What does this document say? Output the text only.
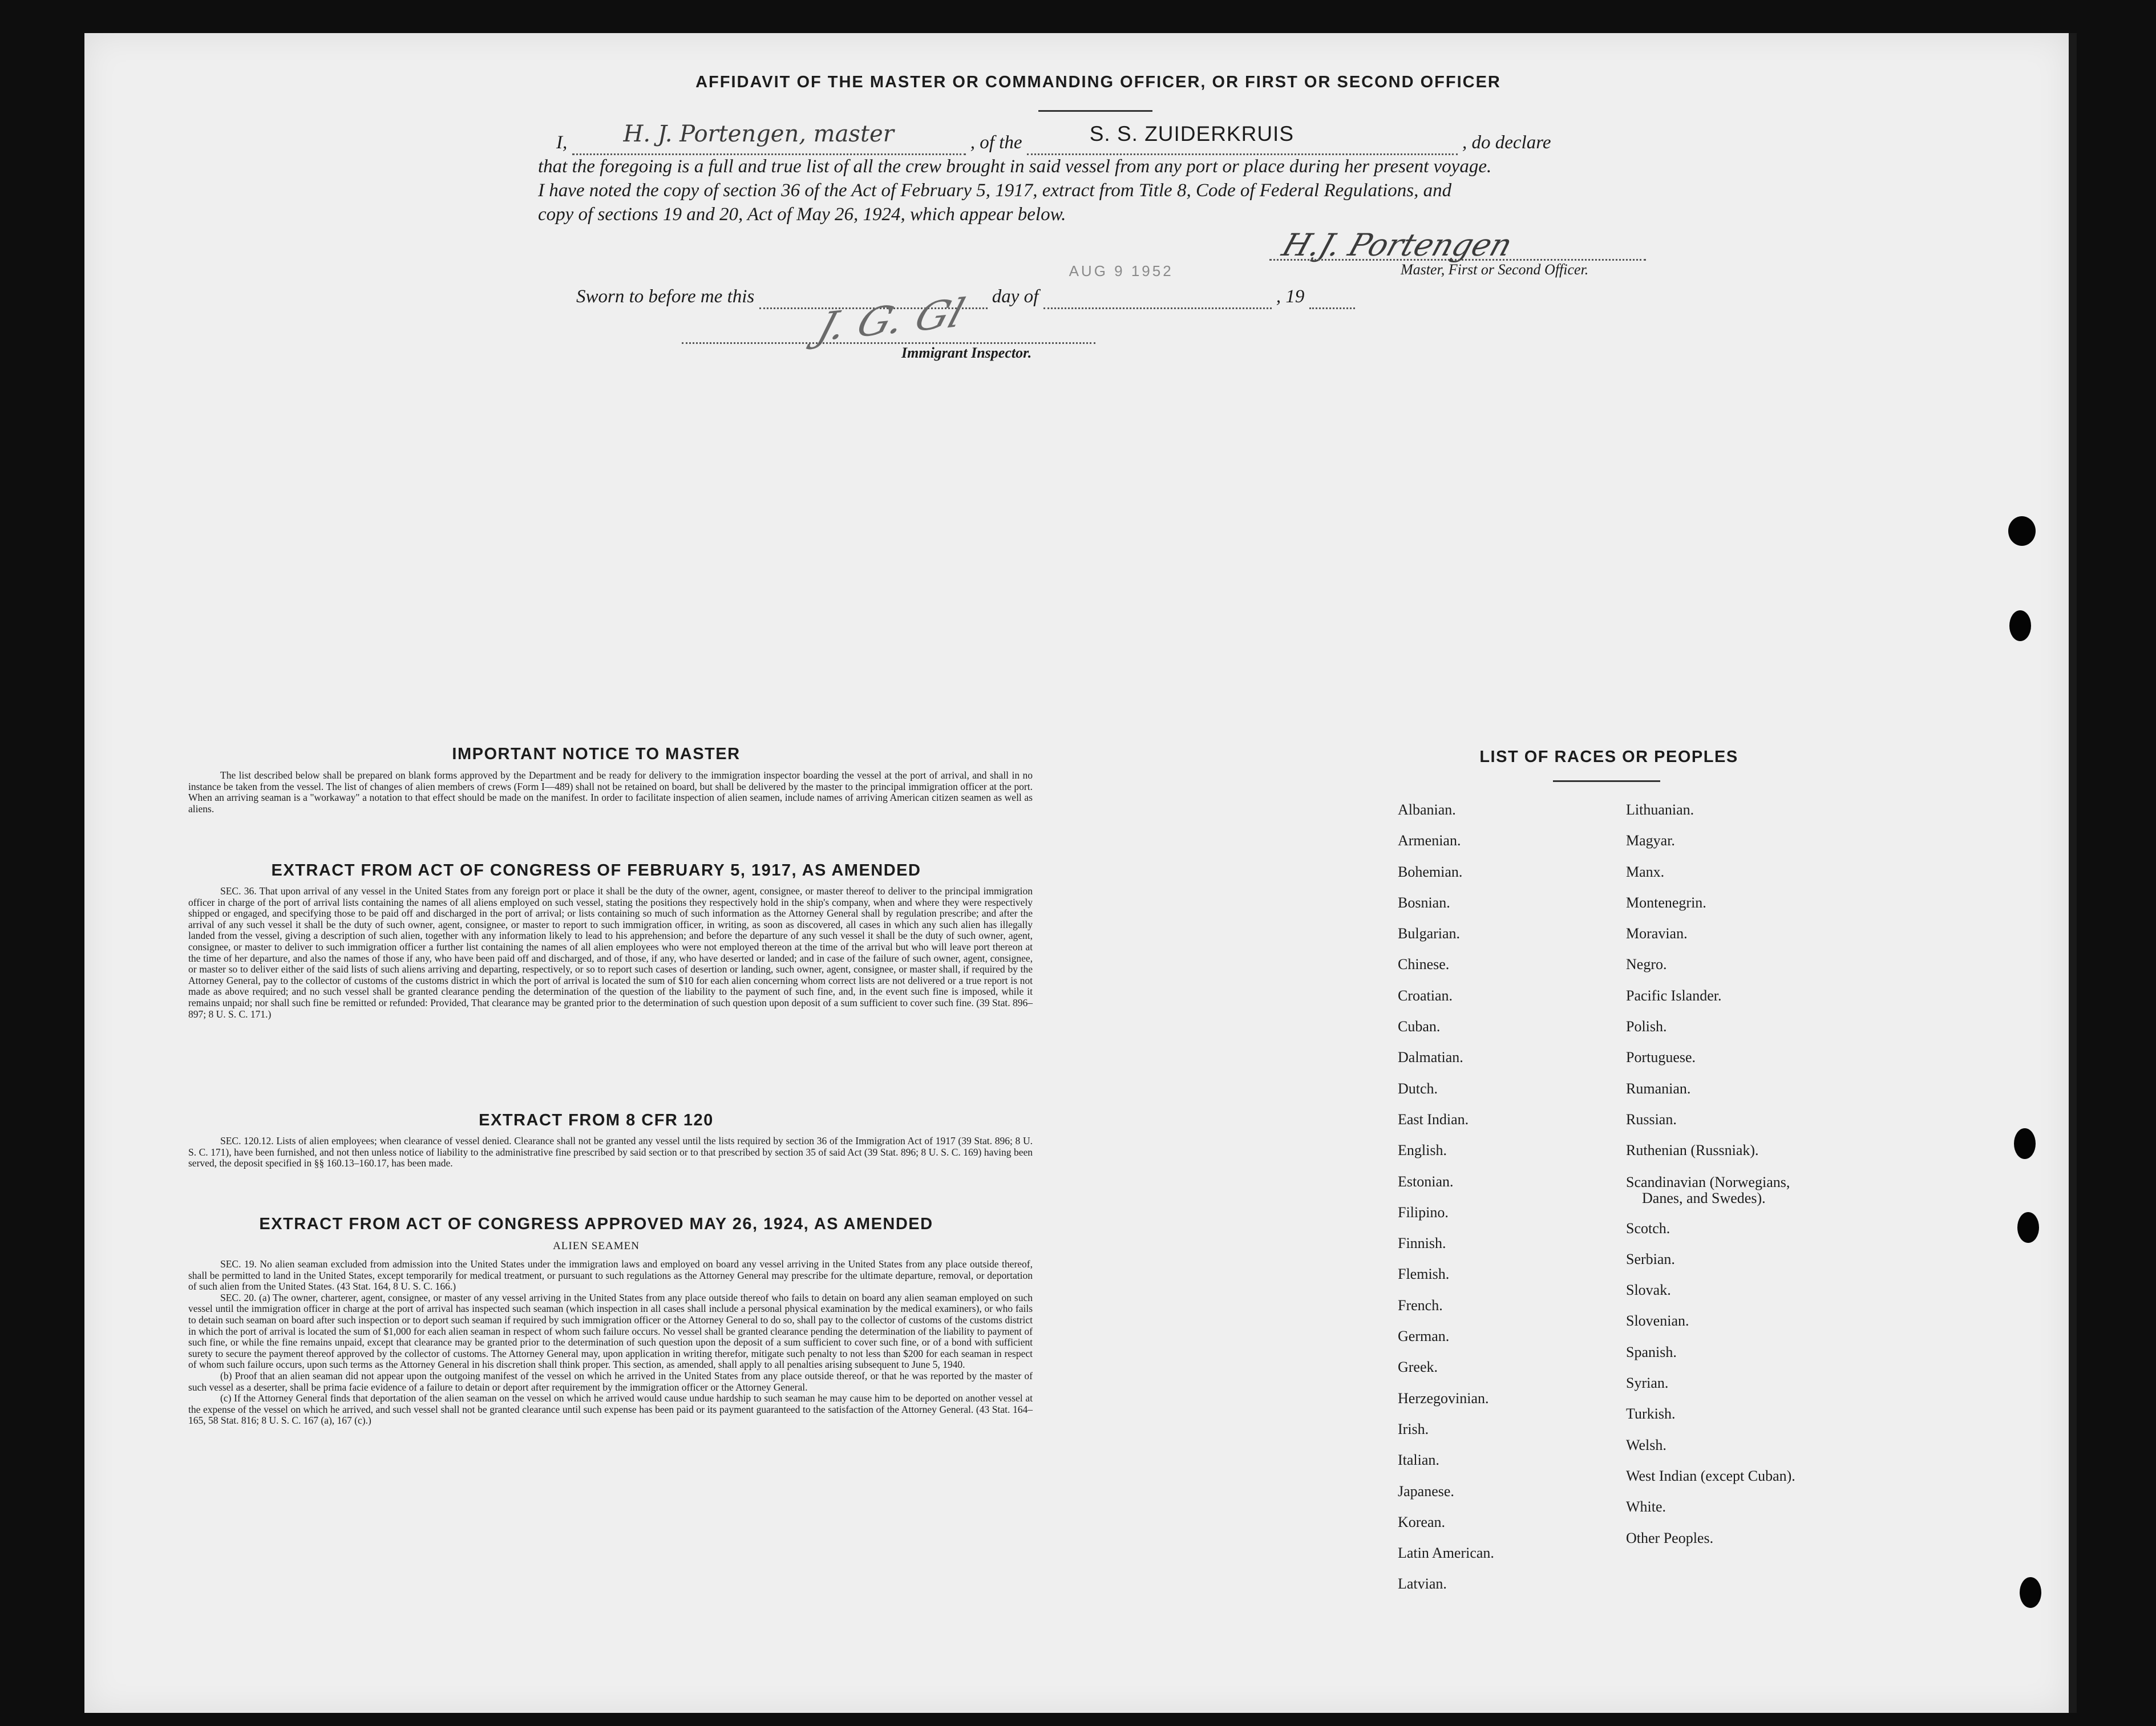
AFFIDAVIT OF THE MASTER OR COMMANDING OFFICER, OR FIRST OR SECOND OFFICER
I, H. J. Portengen, master	, of the	S. S. ZUIDERKRUIS	, do declare
that the foregoing is a full and true list of all the crew brought in said vessel from any port or place during her present voyage.
I have noted the copy of section 36 of the Act of February 5, 1917, extract from Title 8, Code of Federal Regulations, and
copy of sections 19 and 20, Act of May 26, 1924, which appear below.
H.J. Portengen
Master, First or Second Officer.
Sworn to before me this	day of
AUG 9 1952
, 19
J. G. Gl
Immigrant Inspector.
IMPORTANT NOTICE TO MASTER

The list described below shall be prepared on blank forms approved by the Department and be ready for delivery to the immigration inspector boarding the vessel at the port of arrival, and shall in no instance be taken from the vessel. The list of changes of alien members of crews (Form I—489) shall not be retained on board, but shall be delivered by the master to the principal immigration officer at the port. When an arriving seaman is a "workaway" a notation to that effect should be made on the manifest. In order to facilitate inspection of alien seamen, include names of arriving American citizen seamen as well as aliens.

EXTRACT FROM ACT OF CONGRESS OF FEBRUARY 5, 1917, AS AMENDED

SEC. 36. That upon arrival of any vessel in the United States from any foreign port or place it shall be the duty of the owner, agent, consignee, or master thereof to deliver to the principal immigration officer in charge of the port of arrival lists containing the names of all aliens employed on such vessel, stating the positions they respectively hold in the ship's company, when and where they were respectively shipped or engaged, and specifying those to be paid off and discharged in the port of arrival; or lists containing so much of such information as the Attorney General shall by regulation prescribe; and after the arrival of any such vessel it shall be the duty of such owner, agent, consignee, or master to report to such immigration officer, in writing, as soon as discovered, all cases in which any such alien has illegally landed from the vessel, giving a description of such alien, together with any information likely to lead to his apprehension; and before the departure of any such vessel it shall be the duty of such owner, agent, consignee, or master to deliver to such immigration officer a further list containing the names of all alien employees who were not employed thereon at the time of the arrival but who will leave port thereon at the time of her departure, and also the names of those if any, who have been paid off and discharged, and of those, if any, who have deserted or landed; and in case of the failure of such owner, agent, consignee, or master so to deliver either of the said lists of such aliens arriving and departing, respectively, or so to report such cases of desertion or landing, such owner, agent, consignee, or master shall, if required by the Attorney General, pay to the collector of customs of the customs district in which the port of arrival is located the sum of $10 for each alien concerning whom correct lists are not delivered or a true report is not made as above required; and no such vessel shall be granted clearance pending the determination of the question of the liability to the payment of such fine, and, in the event such fine is imposed, while it remains unpaid; nor shall such fine be remitted or refunded: Provided, That clearance may be granted prior to the determination of such question upon deposit of a sum sufficient to cover such fine. (39 Stat. 896–897; 8 U. S. C. 171.)

EXTRACT FROM 8 CFR 120

SEC. 120.12. Lists of alien employees; when clearance of vessel denied. Clearance shall not be granted any vessel until the lists required by section 36 of the Immigration Act of 1917 (39 Stat. 896; 8 U. S. C. 171), have been furnished, and not then unless notice of liability to the administrative fine prescribed by said section or to that prescribed by section 35 of said Act (39 Stat. 896; 8 U. S. C. 169) having been served, the deposit specified in §§ 160.13–160.17, has been made.

EXTRACT FROM ACT OF CONGRESS APPROVED MAY 26, 1924, AS AMENDED
ALIEN SEAMEN

SEC. 19. No alien seaman excluded from admission into the United States under the immigration laws and employed on board any vessel arriving in the United States from any place outside thereof, shall be permitted to land in the United States, except temporarily for medical treatment, or pursuant to such regulations as the Attorney General may prescribe for the ultimate departure, removal, or deportation of such alien from the United States. (43 Stat. 164, 8 U. S. C. 166.)

SEC. 20. (a) The owner, charterer, agent, consignee, or master of any vessel arriving in the United States from any place outside thereof who fails to detain on board any alien seaman employed on such vessel until the immigration officer in charge at the port of arrival has inspected such seaman (which inspection in all cases shall include a personal physical examination by the medical examiners), or who fails to detain such seaman on board after such inspection or to deport such seaman if required by such immigration officer or the Attorney General to do so, shall pay to the collector of customs of the customs district in which the port of arrival is located the sum of $1,000 for each alien seaman in respect of whom such failure occurs. No vessel shall be granted clearance pending the determination of the liability to payment of such fine, or while the fine remains unpaid, except that clearance may be granted prior to the determination of such question upon the deposit of a sum sufficient to cover such fine, or of a bond with sufficient surety to secure the payment thereof approved by the collector of customs. The Attorney General may, upon application in writing therefor, mitigate such penalty to not less than $200 for each seaman in respect of whom such failure occurs, upon such terms as the Attorney General in his discretion shall think proper. This section, as amended, shall apply to all penalties arising subsequent to June 5, 1940.

(b) Proof that an alien seaman did not appear upon the outgoing manifest of the vessel on which he arrived in the United States from any place outside thereof, or that he was reported by the master of such vessel as a deserter, shall be prima facie evidence of a failure to detain or deport after requirement by the immigration officer or the Attorney General.

(c) If the Attorney General finds that deportation of the alien seaman on the vessel on which he arrived would cause undue hardship to such seaman he may cause him to be deported on another vessel at the expense of the vessel on which he arrived, and such vessel shall not be granted clearance until such expense has been paid or its payment guaranteed to the satisfaction of the Attorney General. (43 Stat. 164–165, 58 Stat. 816; 8 U. S. C. 167 (a), 167 (c).)

LIST OF RACES OR PEOPLES
Albanian.
Armenian.
Bohemian.
Bosnian.
Bulgarian.
Chinese.
Croatian.
Cuban.
Dalmatian.
Dutch.
East Indian.
English.
Estonian.
Filipino.
Finnish.
Flemish.
French.
German.
Greek.
Herzegovinian.
Irish.
Italian.
Japanese.
Korean.
Latin American.
Latvian.
Lithuanian.
Magyar.
Manx.
Montenegrin.
Moravian.
Negro.
Pacific Islander.
Polish.
Portuguese.
Rumanian.
Russian.
Ruthenian (Russniak).
Scandinavian (Norwegians,
Danes, and Swedes).
Scotch.
Serbian.
Slovak.
Slovenian.
Spanish.
Syrian.
Turkish.
Welsh.
West Indian (except Cuban).
White.
Other Peoples.
